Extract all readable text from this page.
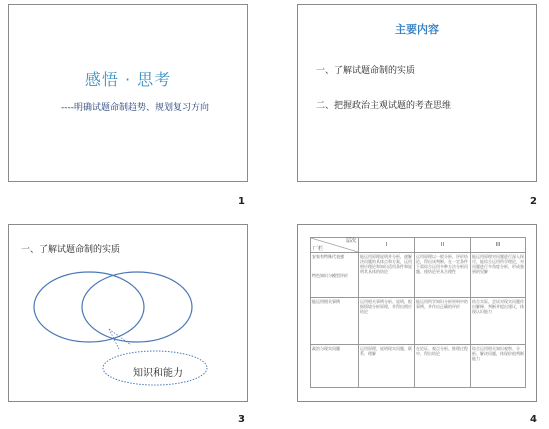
感悟 · 思考
----明确试题命制趋势、规划复习方向
1
主要内容
一、了解试题命制的实质
二、把握政治主观试题的考查思维
2
一、了解试题命制的实质
知识和能力
3
层次
厂栏	I	II	III

安家有特殊代表感
特色知识与模型评价	能运用原理说明并分析，速解决问题的具体点和方案，运用相应理论和知识适用条件和说明其具体的结论	运用原理以一般分析、评价结论，得出该判断，在一定条件下需综合运用多种方法分析问题、使结论更具合理性	能运用原理对问题进行深入探讨，能综合运用所学理论，对问题进行多角度分析，形成独到的见解
能运用相关事例	运用相关事例分析、说明，根据情境分析原理，并得出相应结论	能运用所学知识分析材料中的事例，并作出正确的评价	结合实际，尝试对现实问题作出解释、判断并提出建议，体现认识能力
政治与现实问题	运用原理，说明现实问题，联系，理解	在论证、观点分析、推理过程中，得出结论	综合运用相关知识观察、分析、解决问题，体现价值判断能力
4
